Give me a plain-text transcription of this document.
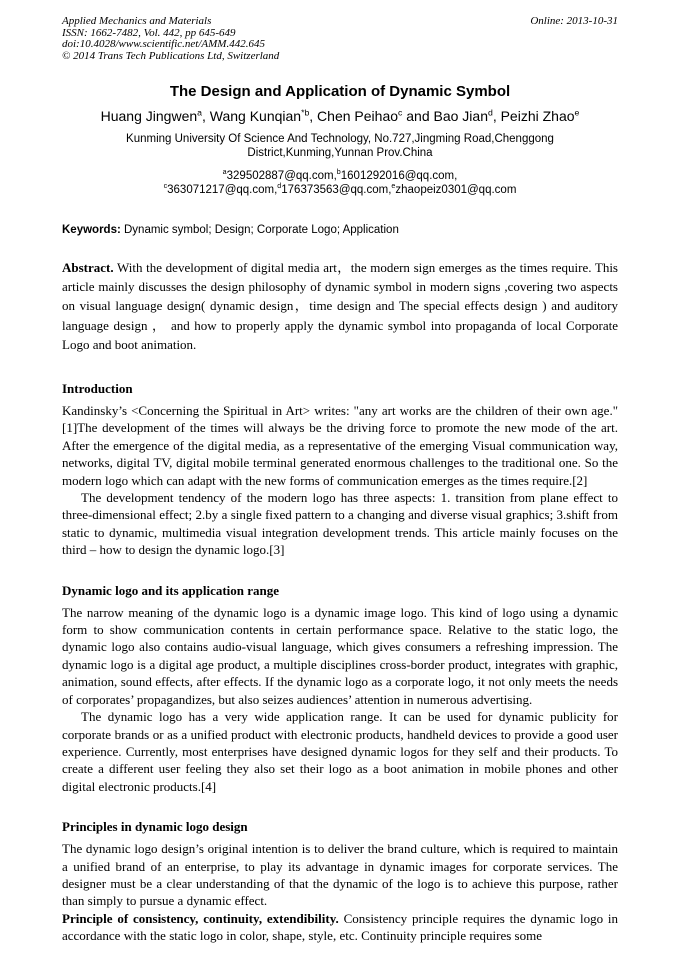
Applied Mechanics and Materials
ISSN: 1662-7482, Vol. 442, pp 645-649
doi:10.4028/www.scientific.net/AMM.442.645
© 2014 Trans Tech Publications Ltd, Switzerland
Online: 2013-10-31
The Design and Application of Dynamic Symbol
Huang Jingwen$^a$, Wang Kunqian$^{*b}$, Chen Peihao$^c$ and Bao Jian$^d$, Peizhi Zhao$^e$
Kunming University Of Science And Technology, No.727,Jingming Road,Chenggong
District,Kunming,Yunnan Prov.China
$^a$329502887@qq.com,$^b$1601292016@qq.com,
$^c$363071217@qq.com,$^d$176373563@qq.com,$^e$zhaopeiz0301@qq.com
Keywords: Dynamic symbol; Design; Corporate Logo; Application

Abstract. With the development of digital media art，the modern sign emerges as the times require. This article mainly discusses the design philosophy of dynamic symbol in modern signs ,covering two aspects on visual language design( dynamic design，time design and The special effects design ) and auditory language design ， and how to properly apply the dynamic symbol into propaganda of local Corporate Logo and boot animation.

Introduction

Kandinsky’s <Concerning the Spiritual in Art> writes: "any art works are the children of their own age." [1]The development of the times will always be the driving force to promote the new mode of the art. After the emergence of the digital media, as a representative of the emerging Visual communication way, networks, digital TV, digital mobile terminal generated enormous challenges to the traditional one. So the modern logo which can adapt with the new forms of communication emerges as the times require.[2]

The development tendency of the modern logo has three aspects: 1. transition from plane effect to three-dimensional effect; 2.by a single fixed pattern to a changing and diverse visual graphics; 3.shift from static to dynamic, multimedia visual integration development trends. This article mainly focuses on the third – how to design the dynamic logo.[3]

Dynamic logo and its application range

The narrow meaning of the dynamic logo is a dynamic image logo. This kind of logo using a dynamic form to show communication contents in certain performance space. Relative to the static logo, the dynamic logo also contains audio-visual language, which gives consumers a refreshing impression. The dynamic logo is a digital age product, a multiple disciplines cross-border product, integrates with graphic, animation, sound effects, after effects. If the dynamic logo as a corporate logo, it not only meets the needs of corporates’ propagandizes, but also seizes audiences’ attention in numerous advertising.

The dynamic logo has a very wide application range. It can be used for dynamic publicity for corporate brands or as a unified product with electronic products, handheld devices to provide a good user experience. Currently, most enterprises have designed dynamic logos for they self and their products. To create a different user feeling they also set their logo as a boot animation in mobile phones and other digital electronic products.[4]

Principles in dynamic logo design

The dynamic logo design’s original intention is to deliver the brand culture, which is required to maintain a unified brand of an enterprise, to play its advantage in dynamic images for corporate services. The designer must be a clear understanding of that the dynamic of the logo is to achieve this purpose, rather than simply to pursue a dynamic effect.

Principle of consistency, continuity, extendibility. Consistency principle requires the dynamic logo in accordance with the static logo in color, shape, style, etc. Continuity principle requires some
